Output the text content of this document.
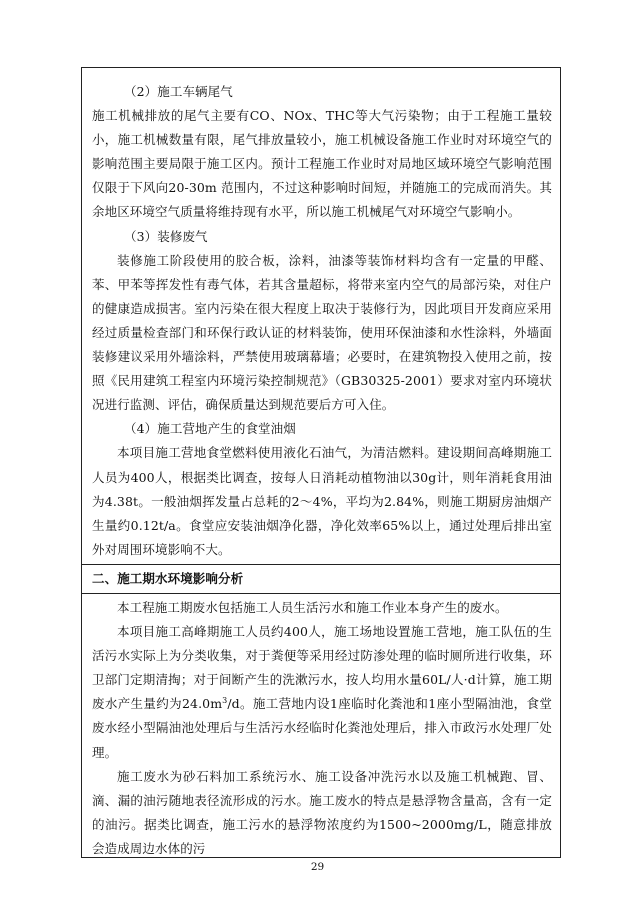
（2）施工车辆尾气

施工机械排放的尾气主要有CO、NOx、THC等大气污染物；由于工程施工量较小，施工机械数量有限，尾气排放量较小，施工机械设备施工作业时对环境空气的影响范围主要局限于施工区内。预计工程施工作业时对局地区域环境空气影响范围仅限于下风向20-30m 范围内，不过这种影响时间短，并随施工的完成而消失。其余地区环境空气质量将维持现有水平，所以施工机械尾气对环境空气影响小。

（3）装修废气

装修施工阶段使用的胶合板，涂料，油漆等装饰材料均含有一定量的甲醛、苯、甲苯等挥发性有毒气体，若其含量超标，将带来室内空气的局部污染，对住户的健康造成损害。室内污染在很大程度上取决于装修行为，因此项目开发商应采用经过质量检查部门和环保行政认证的材料装饰，使用环保油漆和水性涂料，外墙面装修建议采用外墙涂料，严禁使用玻璃幕墙；必要时，在建筑物投入使用之前，按照《民用建筑工程室内环境污染控制规范》（GB30325-2001）要求对室内环境状况进行监测、评估，确保质量达到规范要后方可入住。

（4）施工营地产生的食堂油烟

本项目施工营地食堂燃料使用液化石油气，为清洁燃料。建设期间高峰期施工人员为400人，根据类比调查，按每人日消耗动植物油以30g计，则年消耗食用油为4.38t。一般油烟挥发量占总耗的2～4%，平均为2.84%，则施工期厨房油烟产生量约0.12t/a。食堂应安装油烟净化器，净化效率65%以上，通过处理后排出室外对周围环境影响不大。

二、施工期水环境影响分析

本工程施工期废水包括施工人员生活污水和施工作业本身产生的废水。

本项目施工高峰期施工人员约400人，施工场地设置施工营地，施工队伍的生活污水实际上为分类收集，对于粪便等采用经过防渗处理的临时厕所进行收集，环卫部门定期清掏；对于间断产生的洗漱污水，按人均用水量60L/人·d计算，施工期废水产生量约为$24.0m^3/d$。施工营地内设1座临时化粪池和1座小型隔油池，食堂废水经小型隔油池处理后与生活污水经临时化粪池处理后，排入市政污水处理厂处理。

施工废水为砂石料加工系统污水、施工设备冲洗污水以及施工机械跑、冒、滴、漏的油污随地表径流形成的污水。施工废水的特点是悬浮物含量高，含有一定的油污。据类比调查，施工污水的悬浮物浓度约为1500~2000mg/L，随意排放会造成周边水体的污

29
